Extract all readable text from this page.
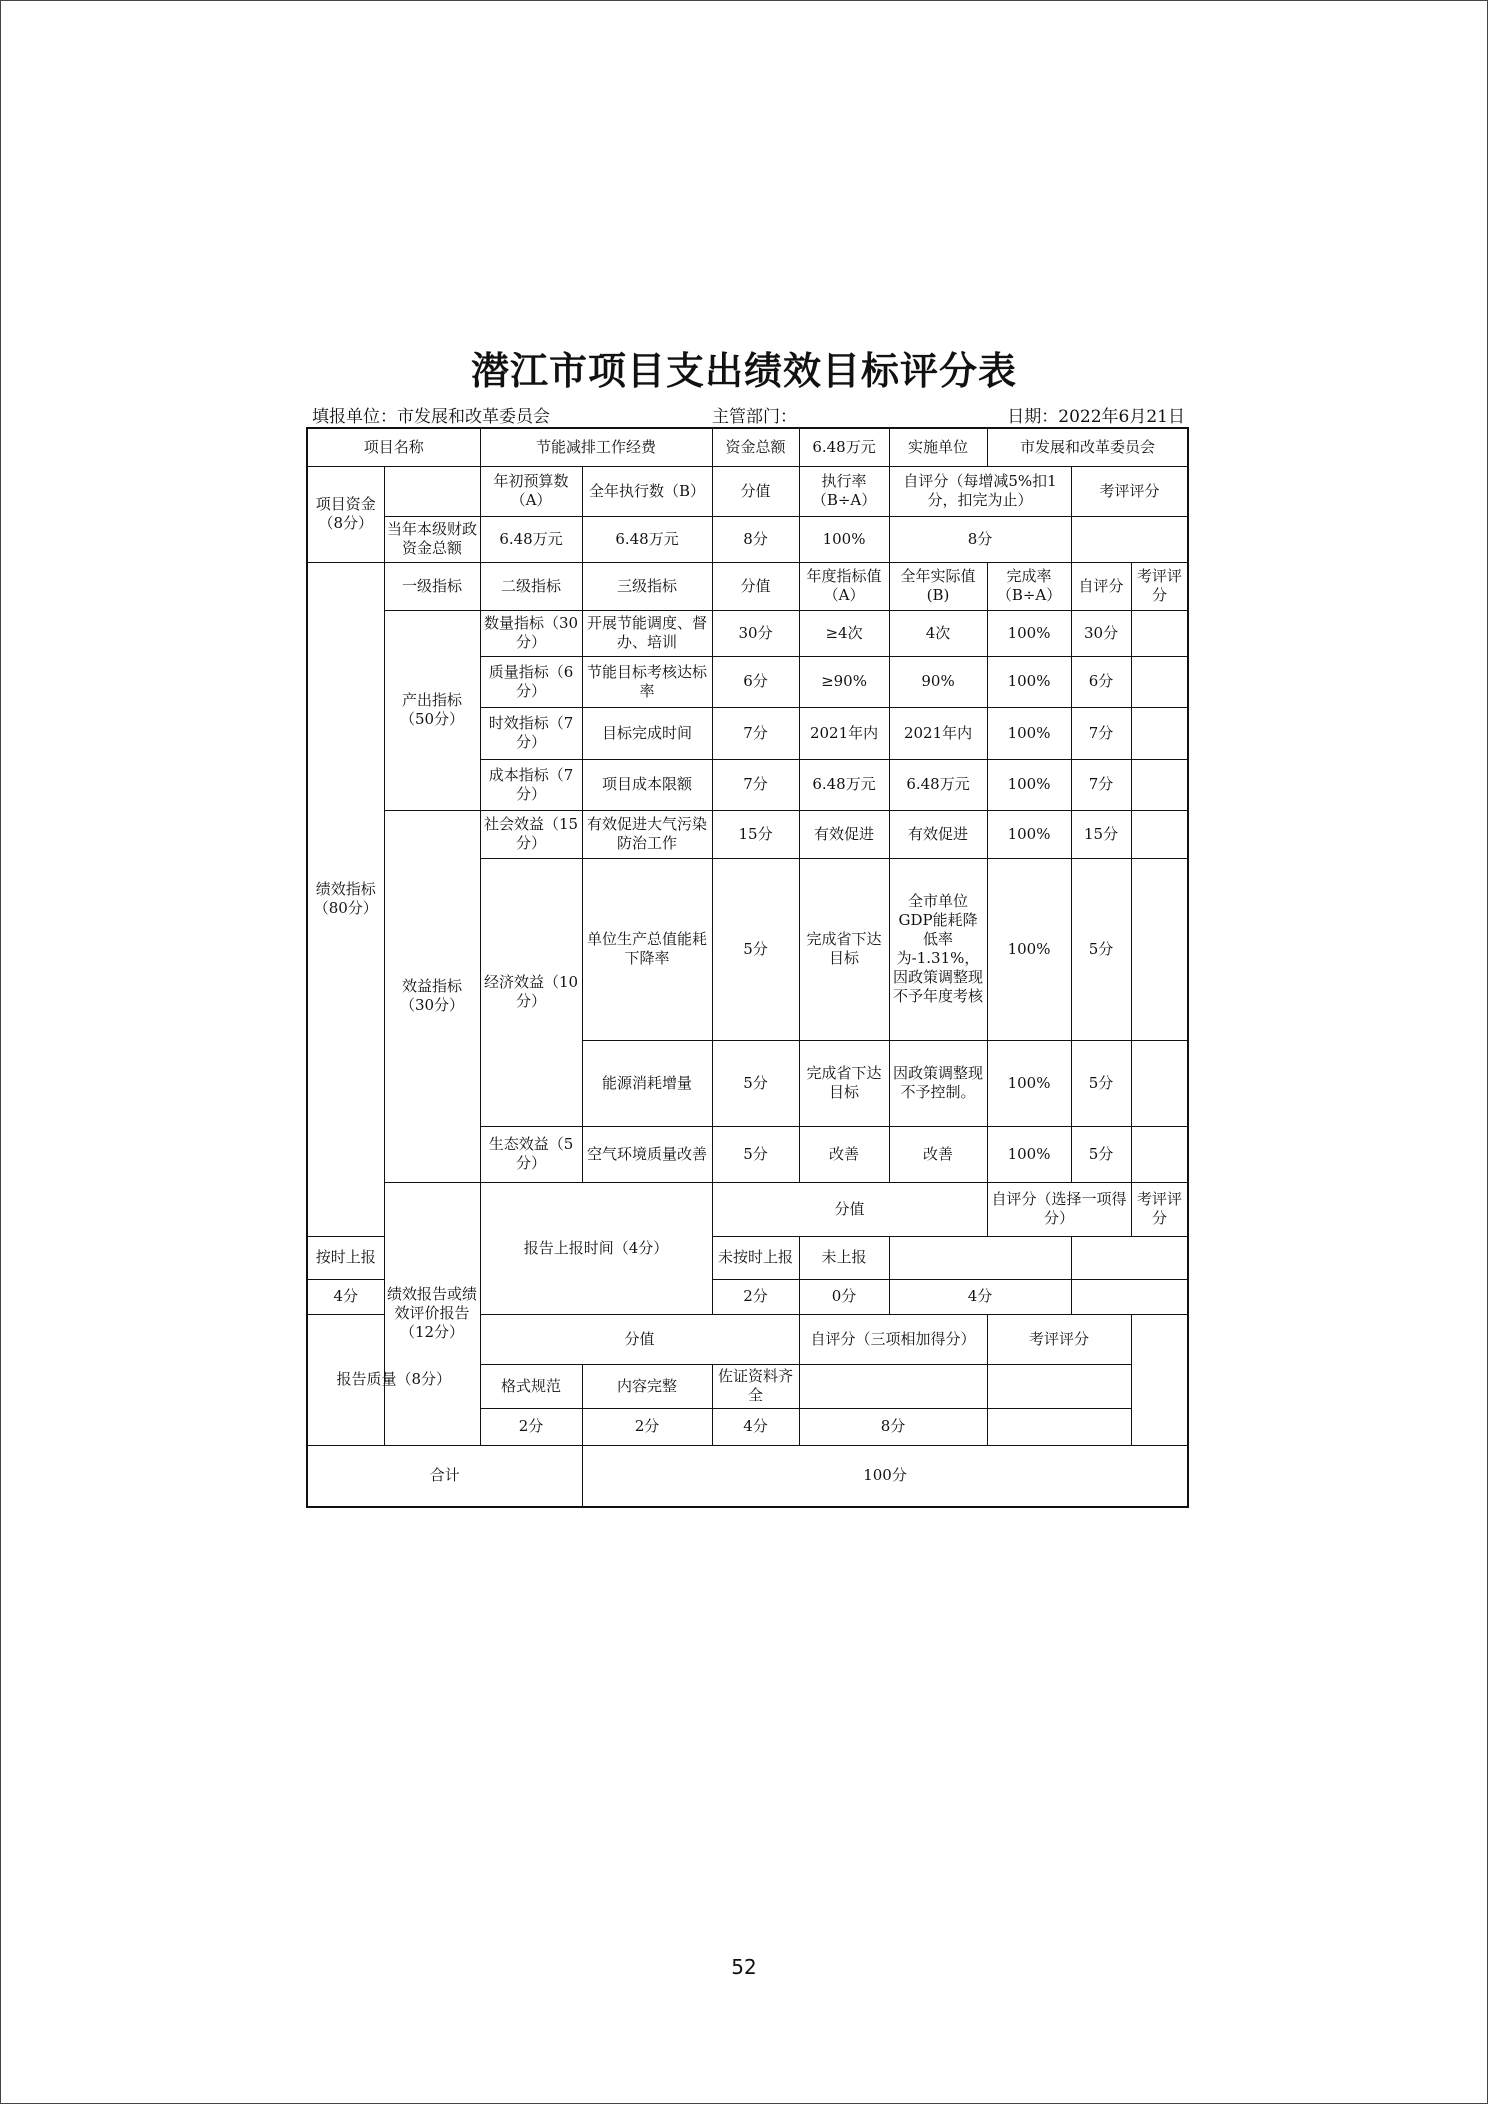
潜江市项目支出绩效目标评分表
填报单位：市发展和改革委员会	主管部门：	日期：2022年6月21日
项目名称		节能减排工作经费		资金总额	6.48万元	实施单位	市发展和改革委员会			
项目资金（8分）		年初预算数（A）	全年执行数（B）	分值	执行率（B÷A）	自评分（每增减5%扣1分，扣完为止）		考评评分		
	当年本级财政资金总额	6.48万元	6.48万元	8分	100%	8分				
绩效指标（80分）	一级指标	二级指标	三级指标	分值	年度指标值（A）	全年实际值(B)	完成率（B÷A）	自评分	考评评分	
	产出指标（50分）	数量指标（30分）	开展节能调度、督办、培训	30分	≥4次	4次	100%	30分		
		质量指标（6分）	节能目标考核达标率	6分	≥90%	90%	100%	6分		
		时效指标（7分）	目标完成时间	7分	2021年内	2021年内	100%	7分		
		成本指标（7分）	项目成本限额	7分	6.48万元	6.48万元	100%	7分		
	效益指标（30分）	社会效益（15分）	有效促进大气污染防治工作	15分	有效促进	有效促进	100%	15分		
		经济效益（10分）	单位生产总值能耗下降率	5分	完成省下达目标	全市单位GDP能耗降低率为-1.31%，因政策调整现不予年度考核	100%	5分		
			能源消耗增量	5分	完成省下达目标	因政策调整现不予控制。	100%	5分		
		生态效益（5分）	空气环境质量改善	5分	改善	改善	100%	5分		
	绩效报告或绩效评价报告（12分）	报告上报时间（4分）		分值			自评分（选择一项得分）		考评评分	
按时上报				未按时上报	未上报					
4分				2分	0分	4分				
报告质量（8分）		分值			自评分（三项相加得分）		考评评分			
		格式规范	内容完整	佐证资料齐全						
		2分	2分	4分	8分					
合计			100分							
52
